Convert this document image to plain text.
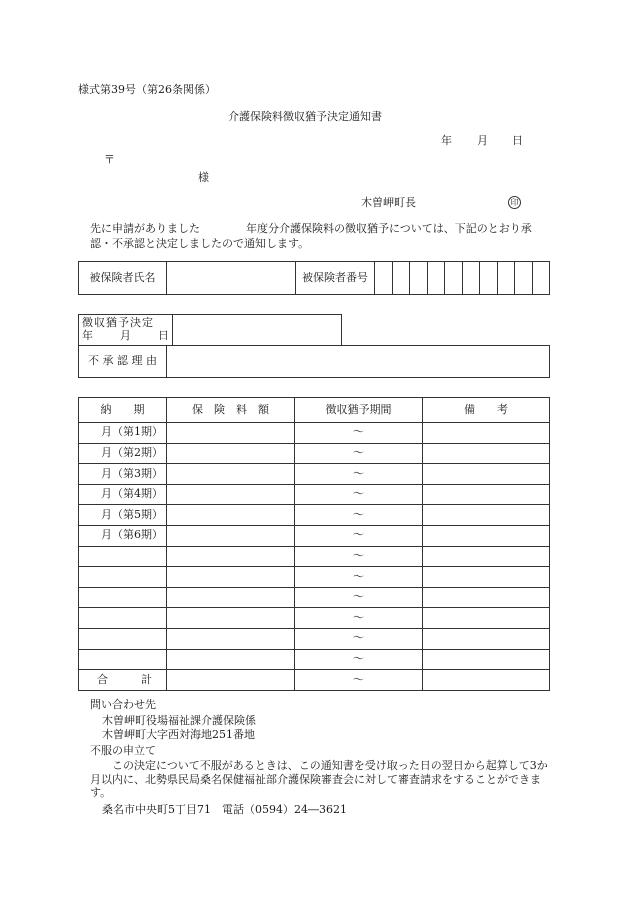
様式第39号（第26条関係）
介護保険料徴収猶予決定通知書
年 月 日
〒
様
木曽岬町長	印
先に申請がありました	年度分介護保険料の徴収猶予については、下記のとおり承認・不承認と決定しましたので通知します。
被保険者氏名		被保険者番号										
徴収猶予決定
年 月 日

不 承 認 理 由	
納　　期	保　険　料　額	徴収猶予期間	備　　考
月（第1期）		～	
月（第2期）		～	
月（第3期）		～	
月（第4期）		～	
月（第5期）		～	
月（第6期）		～	
		～	
		～	
		～	
		～	
		～	
		～	

合 計		～	
問い合わせ先
木曽岬町役場福祉課介護保険係
木曽岬町大字西対海地251番地
不服の申立て
この決定について不服があるときは、この通知書を受け取った日の翌日から起算して3か月以内に、北勢県民局桑名保健福祉部介護保険審査会に対して審査請求をすることができます。
桑名市中央町5丁目71　電話（0594）24―3621
